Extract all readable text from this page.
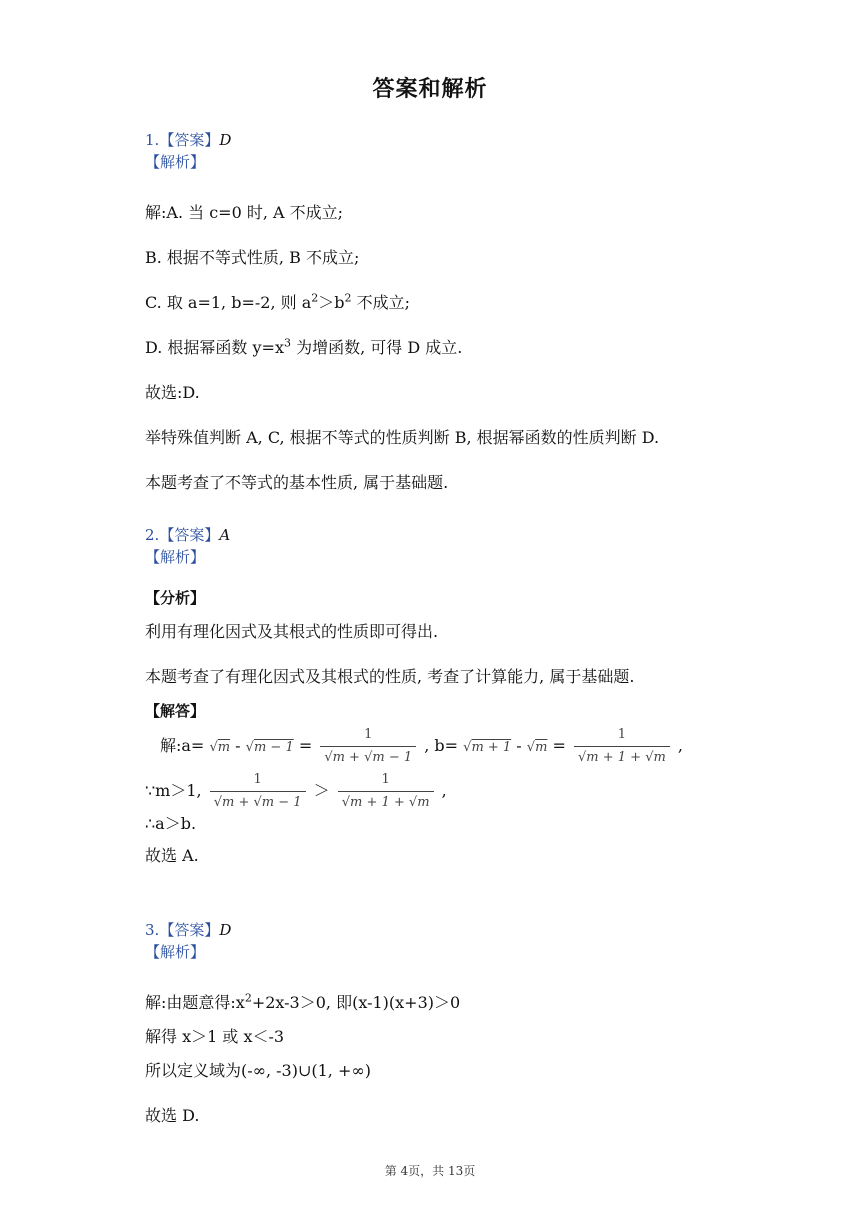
答案和解析
1.【答案】D
【解析】
解:A. 当 c=0 时, A 不成立;
B. 根据不等式性质, B 不成立;
C. 取 a=1, b=-2, 则 $a^2>b^2$ 不成立;
D. 根据幂函数 $y=x^3$ 为增函数, 可得 D 成立.
故选:D.
举特殊值判断 A, C, 根据不等式的性质判断 B, 根据幂函数的性质判断 D.
本题考查了不等式的基本性质, 属于基础题.
2.【答案】A
【解析】
【分析】
利用有理化因式及其根式的性质即可得出.
本题考查了有理化因式及其根式的性质, 考查了计算能力, 属于基础题.
【解答】
解:a= $√m - √m - 1 = \frac{1}{√m + √m - 1}$ , $b= √m + 1 - √m = \frac{1}{√m + 1 + √m}$ ,
∵m＞1, $\frac{1}{√m + √m - 1} > \frac{1}{√m + 1 + √m}$ ,
∴a＞b.
故选 A.
3.【答案】D
【解析】
解:由题意得$:x^2+2x-3>0$, 即(x-1)(x+3)＞0
解得 x＞1 或 x＜-3
所以定义域为(-∞, -3)∪(1, +∞)
故选 D.
第 4页，共 13页
